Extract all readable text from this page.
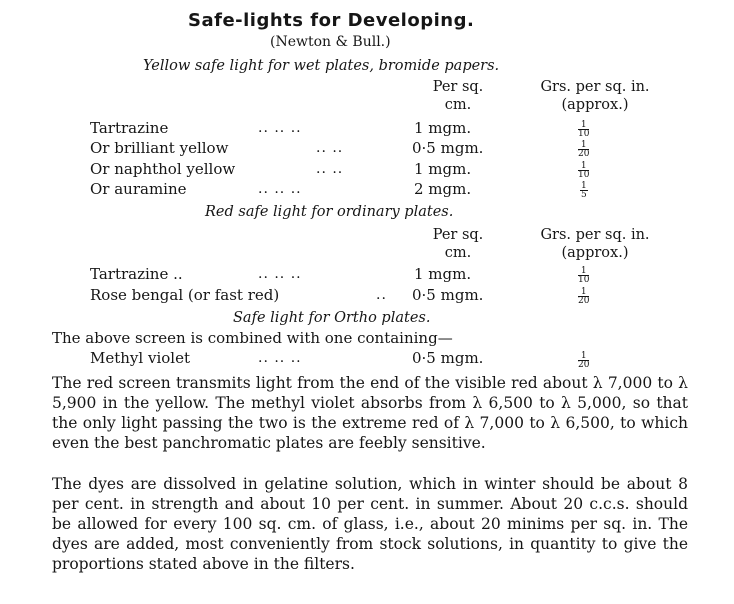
Safe-lights for Developing.
(Newton & Bull.)
Yellow safe light for wet plates, bromide papers.
Per sq.
cm.
Grs. per sq. in.
(approx.)
Tartrazine	.. .. ..	1 mgm.	$\frac{1}{10}$
Or brilliant yellow	.. ..	0·5 mgm.	$\frac{1}{20}$
Or naphthol yellow	.. ..	1 mgm.	$\frac{1}{10}$
Or auramine	.. .. ..	2 mgm.	$\frac{1}{5}$
Red safe light for ordinary plates.
Per sq.
cm.
Grs. per sq. in.
(approx.)
Tartrazine ..	.. .. ..	1 mgm.	$\frac{1}{10}$
Rose bengal (or fast red)	.. 0·5 mgm.	$\frac{1}{20}$
Safe light for Ortho plates.
The above screen is combined with one containing—
Methyl violet	.. .. ..	0·5 mgm.	$\frac{1}{20}$

The red screen transmits light from the end of the visible red about λ 7,000 to λ 5,900 in the yellow. The methyl violet absorbs from λ 6,500 to λ 5,000, so that the only light passing the two is the extreme red of λ 7,000 to λ 6,500, to which even the best panchromatic plates are feebly sensitive.

The dyes are dissolved in gelatine solution, which in winter should be about 8 per cent. in strength and about 10 per cent. in summer. About 20 c.c.s. should be allowed for every 100 sq. cm. of glass, i.e., about 20 minims per sq. in. The dyes are added, most conveniently from stock solutions, in quantity to give the proportions stated above in the filters.
